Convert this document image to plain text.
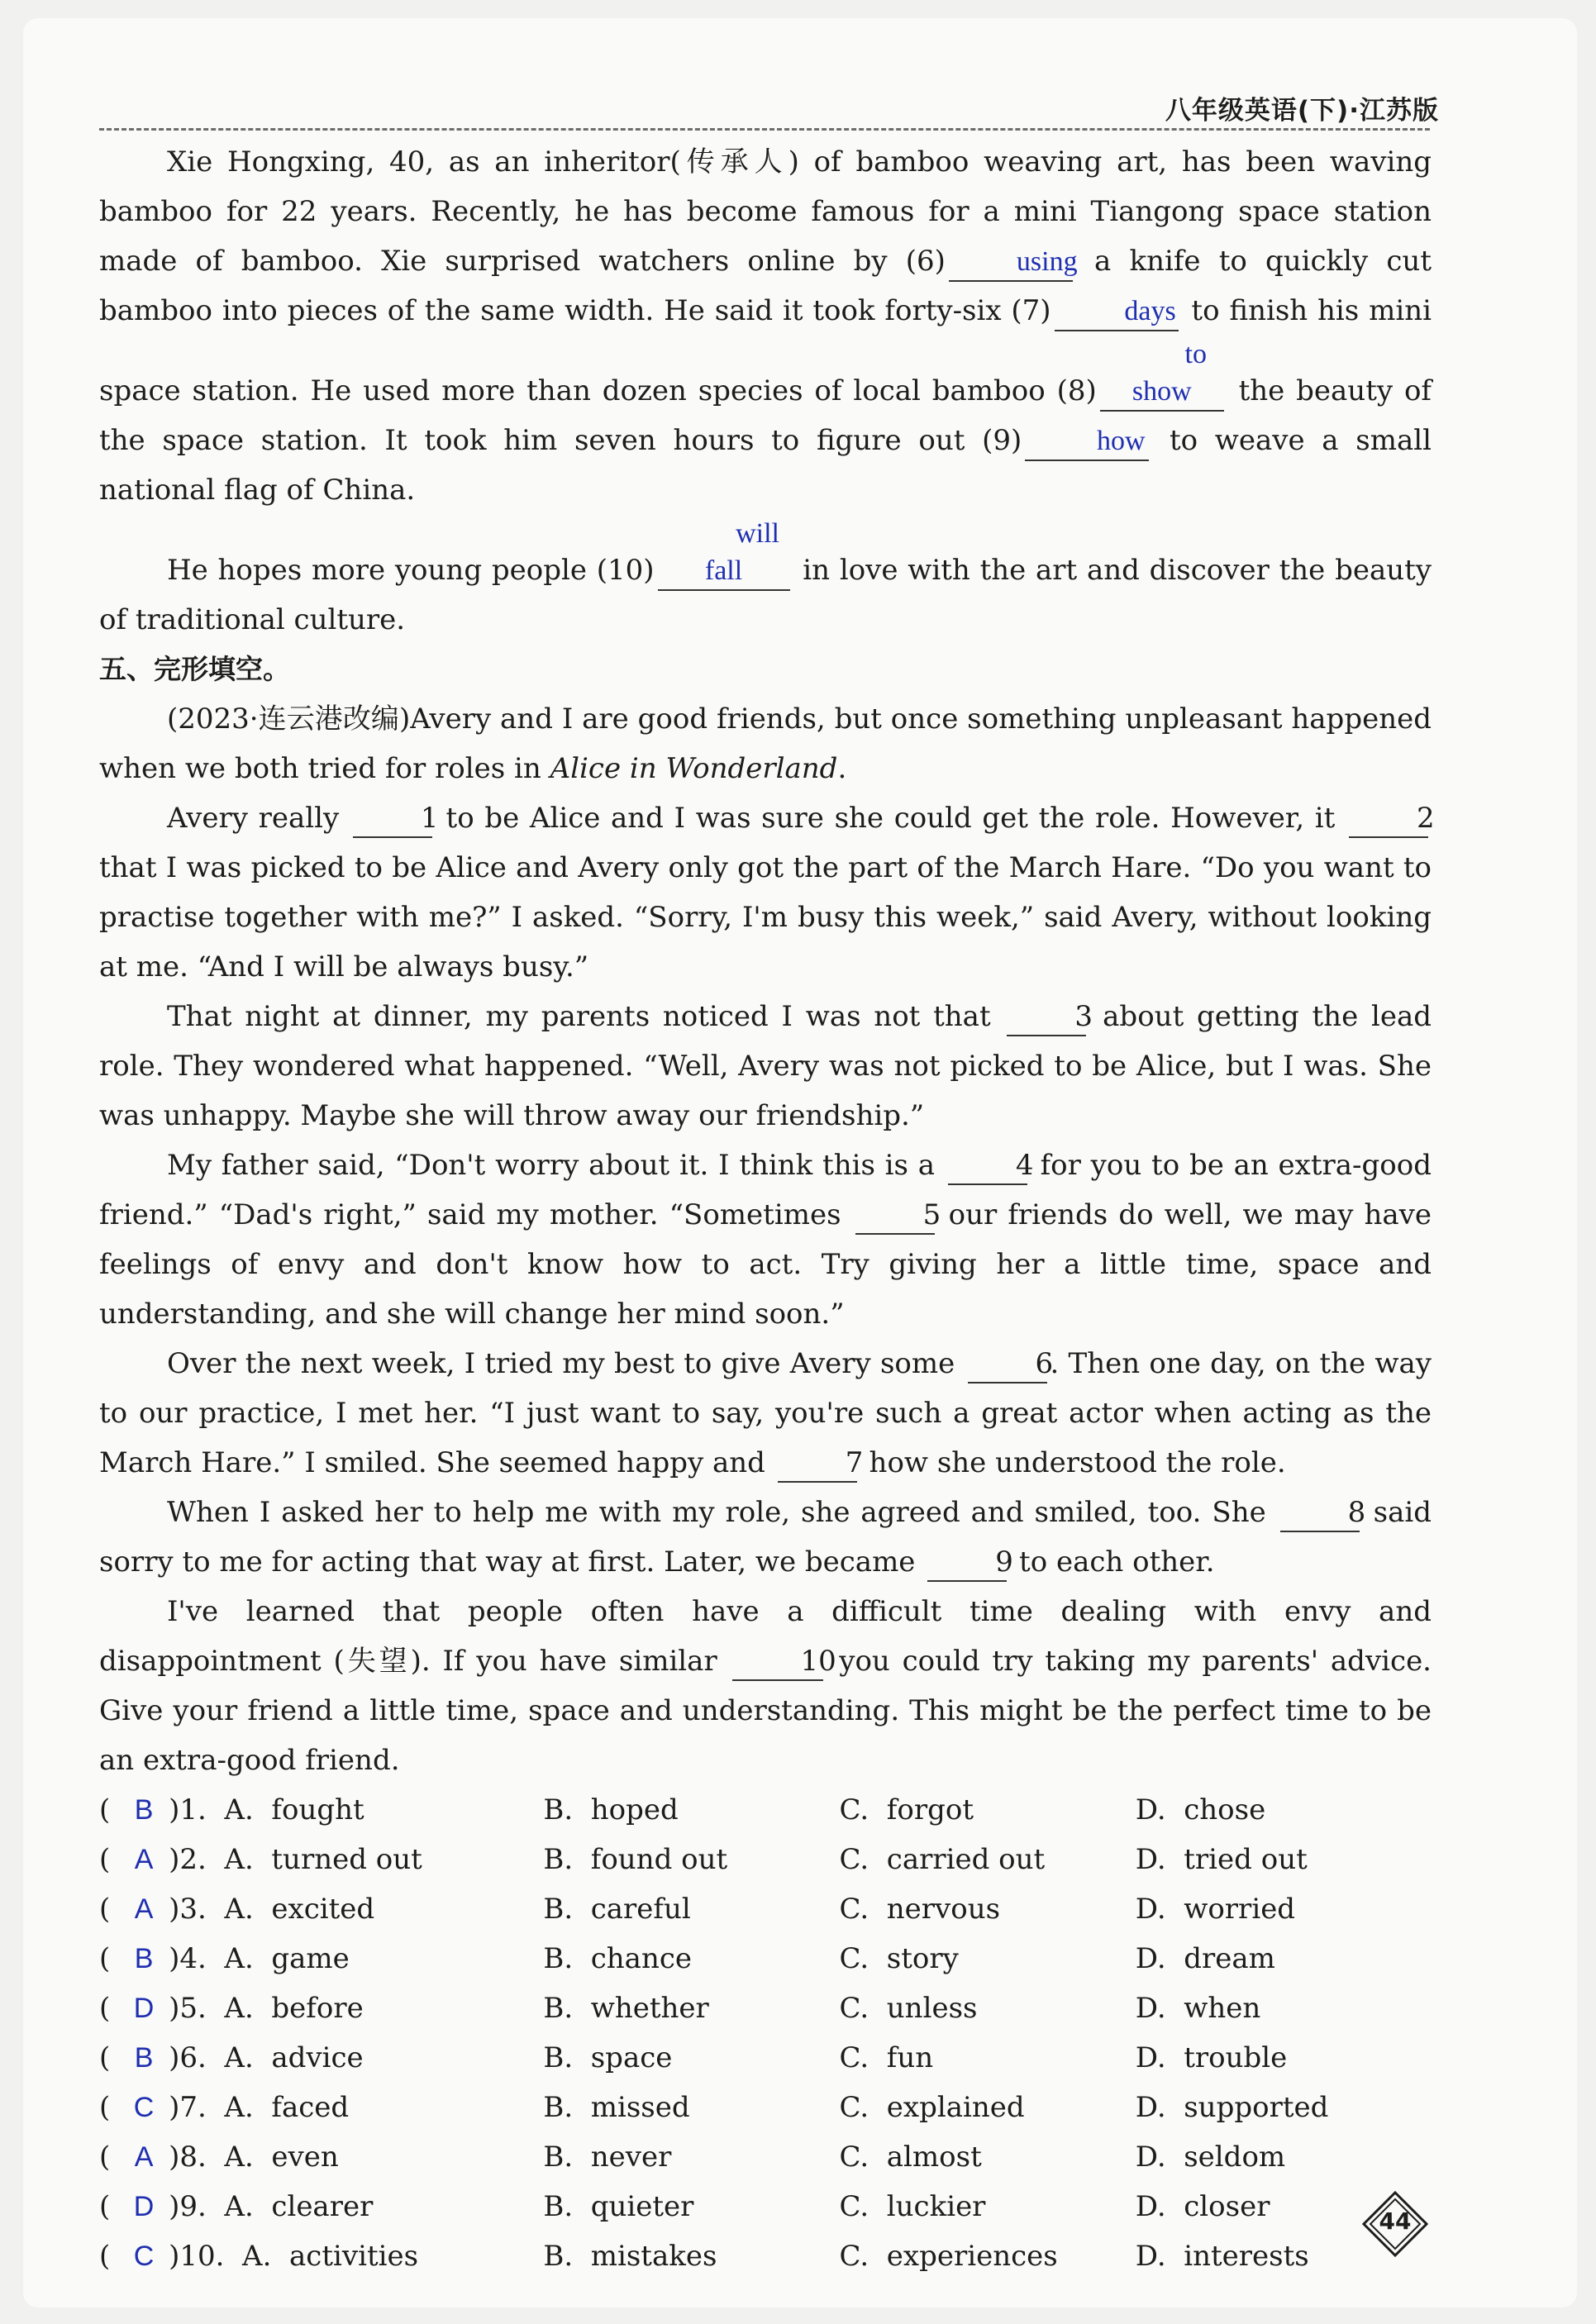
八年级英语(下)·江苏版

Xie Hongxing, 40, as an inheritor(传承人) of bamboo weaving art, has been waving bamboo for 22 years. Recently, he has become famous for a mini Tiangong space station made of bamboo. Xie surprised watchers online by (6)	using a knife to quickly cut bamboo into pieces of the same width. He said it took forty-six (7)	days to finish his mini space station. He used more than dozen species of local bamboo (8)to show the beauty of the space station. It took him seven hours to figure out (9)	how to weave a small national flag of China.

He hopes more young people (10)will fall in love with the art and discover the beauty of traditional culture.

五、完形填空。

(2023·连云港改编)Avery and I are good friends, but once something unpleasant happened when we both tried for roles in Alice in Wonderland.

Avery really	1 to be Alice and I was sure she could get the role. However, it	2 that I was picked to be Alice and Avery only got the part of the March Hare. “Do you want to practise together with me?” I asked. “Sorry, I'm busy this week,” said Avery, without looking at me. “And I will be always busy.”

That night at dinner, my parents noticed I was not that	3 about getting the lead role. They wondered what happened. “Well, Avery was not picked to be Alice, but I was. She was unhappy. Maybe she will throw away our friendship.”

My father said, “Don't worry about it. I think this is a	4 for you to be an extra-good friend.” “Dad's right,” said my mother. “Sometimes	5 our friends do well, we may have feelings of envy and don't know how to act. Try giving her a little time, space and understanding, and she will change her mind soon.”

Over the next week, I tried my best to give Avery some	6. Then one day, on the way to our practice, I met her. “I just want to say, you're such a great actor when acting as the March Hare.” I smiled. She seemed happy and	7 how she understood the role.

When I asked her to help me with my role, she agreed and smiled, too. She	8 said sorry to me for acting that way at first. Later, we became	9 to each other.

I've learned that people often have a difficult time dealing with envy and disappointment (失望). If you have similar	10 you could try taking my parents' advice. Give your friend a little time, space and understanding. This might be the perfect time to be an extra-good friend.

( B )1. A.  fought	B.  hoped	C.  forgot	D.  chose
( A )2. A.  turned out	B.  found out	C.  carried out	D.  tried out
( A )3. A.  excited	B.  careful	C.  nervous	D.  worried
( B )4. A.  game	B.  chance	C.  story	D.  dream
( D )5. A.  before	B.  whether	C.  unless	D.  when
( B )6. A.  advice	B.  space	C.  fun	D.  trouble
( C )7. A.  faced	B.  missed	C.  explained	D.  supported
( A )8. A.  even	B.  never	C.  almost	D.  seldom
( D )9. A.  clearer	B.  quieter	C.  luckier	D.  closer
( C )10. A.  activities	B.  mistakes	C.  experiences	D.  interests
44
